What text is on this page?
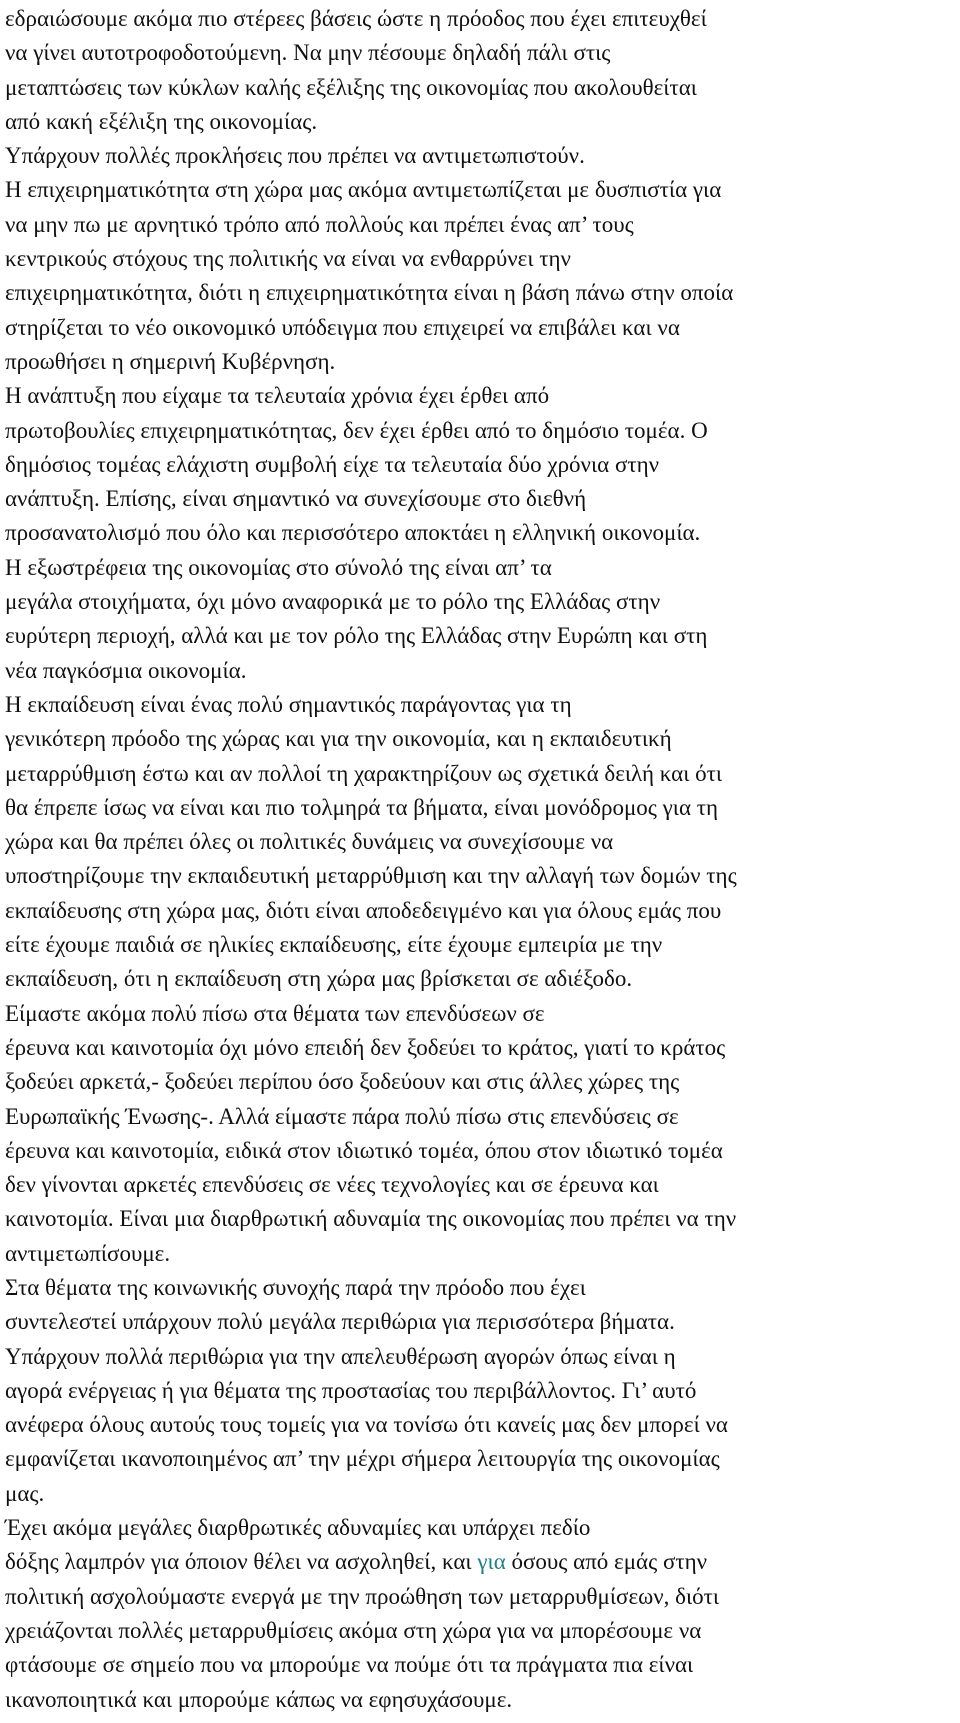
εδραιώσουμε ακόμα πιο στέρεες βάσεις ώστε η πρόοδος που έχει επιτευχθεί

να γίνει αυτοτροφοδοτούμενη. Να μην πέσουμε δηλαδή πάλι στις

μεταπτώσεις των κύκλων καλής εξέλιξης της οικονομίας που ακολουθείται

από κακή εξέλιξη της οικονομίας.

Υπάρχουν πολλές προκλήσεις που πρέπει να αντιμετωπιστούν.

Η επιχειρηματικότητα στη χώρα μας ακόμα αντιμετωπίζεται με δυσπιστία για

να μην πω με αρνητικό τρόπο από πολλούς και πρέπει ένας απ’ τους

κεντρικούς στόχους της πολιτικής να είναι να ενθαρρύνει την

επιχειρηματικότητα, διότι η επιχειρηματικότητα είναι η βάση πάνω στην οποία

στηρίζεται το νέο οικονομικό υπόδειγμα που επιχειρεί να επιβάλει και να

προωθήσει η σημερινή Κυβέρνηση.

Η ανάπτυξη που είχαμε τα τελευταία χρόνια έχει έρθει από

πρωτοβουλίες επιχειρηματικότητας, δεν έχει έρθει από το δημόσιο τομέα. Ο

δημόσιος τομέας ελάχιστη συμβολή είχε τα τελευταία δύο χρόνια στην

ανάπτυξη. Επίσης, είναι σημαντικό να συνεχίσουμε στο διεθνή

προσανατολισμό που όλο και περισσότερο αποκτάει η ελληνική οικονομία.

Η εξωστρέφεια της οικονομίας στο σύνολό της είναι απ’ τα

μεγάλα στοιχήματα, όχι μόνο αναφορικά με το ρόλο της Ελλάδας στην

ευρύτερη περιοχή, αλλά και με τον ρόλο της Ελλάδας στην Ευρώπη και στη

νέα παγκόσμια οικονομία.

Η εκπαίδευση είναι ένας πολύ σημαντικός παράγοντας για τη

γενικότερη πρόοδο της χώρας και για την οικονομία, και η εκπαιδευτική

μεταρρύθμιση έστω και αν πολλοί τη χαρακτηρίζουν ως σχετικά δειλή και ότι

θα έπρεπε ίσως να είναι και πιο τολμηρά τα βήματα, είναι μονόδρομος για τη

χώρα και θα πρέπει όλες οι πολιτικές δυνάμεις να συνεχίσουμε να

υποστηρίζουμε την εκπαιδευτική μεταρρύθμιση και την αλλαγή των δομών της

εκπαίδευσης στη χώρα μας, διότι είναι αποδεδειγμένο και για όλους εμάς που

είτε έχουμε παιδιά σε ηλικίες εκπαίδευσης, είτε έχουμε εμπειρία με την

εκπαίδευση, ότι η εκπαίδευση στη χώρα μας βρίσκεται σε αδιέξοδο.

Είμαστε ακόμα πολύ πίσω στα θέματα των επενδύσεων σε

έρευνα και καινοτομία όχι μόνο επειδή δεν ξοδεύει το κράτος, γιατί το κράτος

ξοδεύει αρκετά,- ξοδεύει περίπου όσο ξοδεύουν και στις άλλες χώρες της

Ευρωπαϊκής Ένωσης-. Αλλά είμαστε πάρα πολύ πίσω στις επενδύσεις σε

έρευνα και καινοτομία, ειδικά στον ιδιωτικό τομέα, όπου στον ιδιωτικό τομέα

δεν γίνονται αρκετές επενδύσεις σε νέες τεχνολογίες και σε έρευνα και

καινοτομία. Είναι μια διαρθρωτική αδυναμία της οικονομίας που πρέπει να την

αντιμετωπίσουμε.

Στα θέματα της κοινωνικής συνοχής παρά την πρόοδο που έχει

συντελεστεί υπάρχουν πολύ μεγάλα περιθώρια για περισσότερα βήματα.

Υπάρχουν πολλά περιθώρια για την απελευθέρωση αγορών όπως είναι η

αγορά ενέργειας ή για θέματα της προστασίας του περιβάλλοντος. Γι’ αυτό

ανέφερα όλους αυτούς τους τομείς για να τονίσω ότι κανείς μας δεν μπορεί να

εμφανίζεται ικανοποιημένος απ’ την μέχρι σήμερα λειτουργία της οικονομίας

μας.

Έχει ακόμα μεγάλες διαρθρωτικές αδυναμίες και υπάρχει πεδίο

δόξης λαμπρόν για όποιον θέλει να ασχοληθεί, και για όσους από εμάς στην

πολιτική ασχολούμαστε ενεργά με την προώθηση των μεταρρυθμίσεων, διότι

χρειάζονται πολλές μεταρρυθμίσεις ακόμα στη χώρα για να μπορέσουμε να

φτάσουμε σε σημείο που να μπορούμε να πούμε ότι τα πράγματα πια είναι

ικανοποιητικά και μπορούμε κάπως να εφησυχάσουμε.
